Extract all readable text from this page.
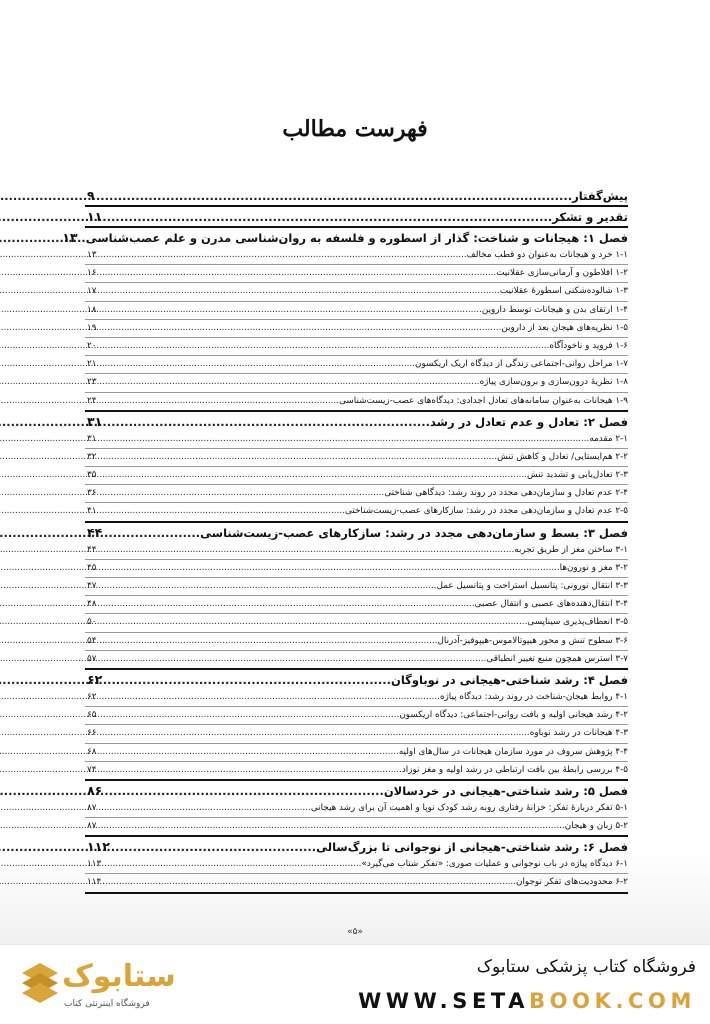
فهرست مطالب
پیش‌گفتار
.....
۹
تقدیر و تشکر
.....
۱۱
فصل ۱: هیجانات و شناخت: گذار از اسطوره و فلسفه به روان‌شناسی مدرن و علم عصب‌شناسی
.....
۱۳
۱-۱ خرد و هیجانات به‌عنوان دو قطب مخالف
.....
۱۳
۱-۲ افلاطون و آرمانی‌سازی عقلانیت
.....
۱۶
۱-۳ شالوده‌شکنی اسطورهٔ عقلانیت
.....
۱۷
۱-۴ ارتقای بدن و هیجانات توسط داروین
.....
۱۸
۱-۵ نظریه‌های هیجان بعد از داروین
.....
۱۹
۱-۶ فروید و ناخودآگاه
.....
۲۰
۱-۷ مراحل روانی-اجتماعی زندگی از دیدگاه اریک اریکسون
.....
۲۱
۱-۸ نظریهٔ درون‌سازی و برون‌سازی پیاژه
.....
۲۳
۱-۹ هیجانات به‌عنوان سامانه‌های تعادل اجدادی: دیدگاه‌های عصب-زیست‌شناسی
.....
۲۴
فصل ۲: تعادل و عدم تعادل در رشد
.....
۳۱
۲-۱ مقدمه
.....
۳۱
۲-۲ هم‌ایستایی/ تعادل و کاهش تنش
.....
۳۲
۲-۳ تعادل‌یابی و تشدید تنش
.....
۳۵
۲-۴ عدم تعادل و سازمان‌دهی مجدد در روند رشد: دیدگاهی شناختی
.....
۳۶
۲-۵ عدم تعادل و سازمان‌دهی مجدد در رشد: سازکارهای عصب-زیست‌شناختی
.....
۴۱
فصل ۳: بسط و سازمان‌دهی مجدد در رشد: سازکارهای عصب-زیست‌شناسی
.....
۴۴
۳-۱ ساختن مغز از طریق تجربه
.....
۴۴
۳-۲ مغز و نورون‌ها
.....
۴۵
۳-۳ انتقال نورونی: پتانسیل استراحت و پتانسیل عمل
.....
۴۷
۳-۴ انتقال‌دهنده‌های عصبی و انتقال عصبی
.....
۴۸
۳-۵ انعطاف‌پذیری سیناپسی
.....
۵۰
۳-۶ سطوح تنش و محور هیپوتالاموس-هیپوفیز-آدرنال
.....
۵۴
۳-۷ استرس همچون منبع تغییر انطباقی
.....
۵۷
فصل ۴: رشد شناختی-هیجانی در نوباوگان
.....
۶۲
۴-۱ روابط هیجان-شناخت در روند رشد: دیدگاه پیاژه
.....
۶۲
۴-۲ رشد هیجانی اولیه و بافت روانی-اجتماعی: دیدگاه اریکسون
.....
۶۵
۴-۳ هیجانات در رشد نوباوه
.....
۶۶
۴-۴ پژوهش سروف در مورد سازمان هیجانات در سال‌های اولیه
.....
۶۸
۴-۵ بررسی رابطهٔ بین بافت ارتباطی در رشد اولیه و مغز نوزاد
.....
۷۴
فصل ۵: رشد شناختی-هیجانی در خردسالان
.....
۸۶
۵-۱ تفکر دربارهٔ تفکر: خزانهٔ رفتاری روبه رشد کودک نوپا و اهمیت آن برای رشد هیجانی
.....
۸۷
۵-۲ زبان و هیجان
.....
۸۷
فصل ۶: رشد شناختی-هیجانی از نوجوانی تا بزرگ‌سالی
.....
۱۱۲
۶-۱ دیدگاه پیاژه در باب نوجوانی و عملیات صوری: «تفکر شتاب می‌گیرد»
.....
۱۱۳
۶-۲ محدودیت‌های تفکر نوجوان
.....
۱۱۴
«۵»
ستابوک
فروشگاه اینترنتی کتاب
فروشگاه کتاب پزشکی ستابوک
WWW.SETABOOK.COM
